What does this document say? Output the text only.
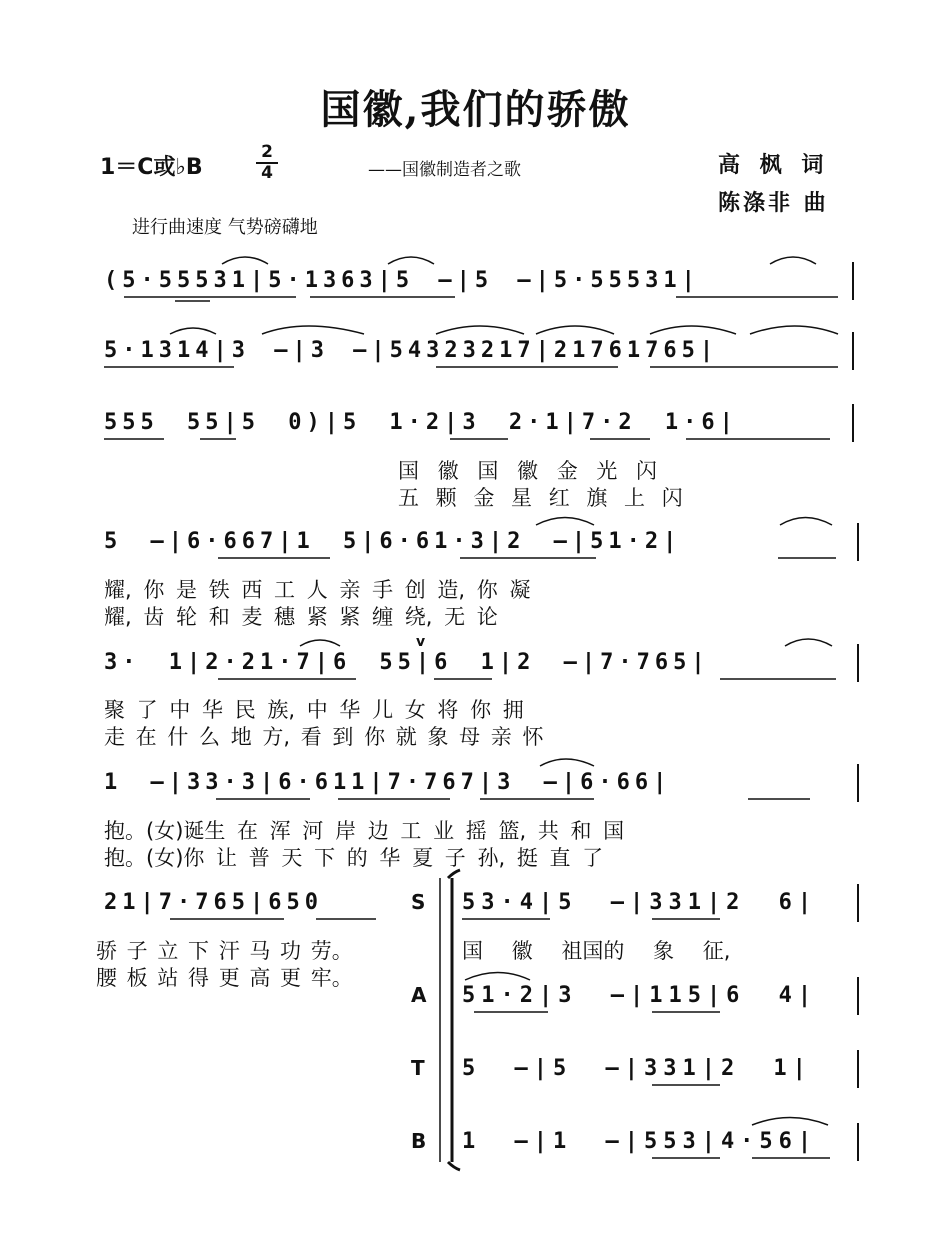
国徽,我们的骄傲
1＝C或♭B
2
4	——国徽制造者之歌	高 枫 词
陈涤非 曲
进行曲速度 气势磅礴地
(5·55531|5·1363|5 –|5 –|5·55531|
5·1314|3 –|3 –|54323217|21761765|
555 55|5 0)|5 1·2|3 2·1|7·2 1·6|
国 徽 国 徽 金 光 闪
五 颗 金 星 红 旗 上 闪
5 –|6·667|1 5|6·61·3|2 –|51·2|
耀, 你 是 铁 西 工 人 亲 手 创 造, 你 凝
耀, 齿 轮 和 麦 穗 紧 紧 缠 绕, 无 论
3· 1|2·21·7|6 55|6 1|2 –|7·765|
聚 了 中 华 民 族, 中 华 儿 女 将 你 拥
走 在 什 么 地 方, 看 到 你 就 象 母 亲 怀
1 –|33·3|6·611|7·767|3 –|6·66|
抱。(女)诞生 在 浑 河 岸 边 工 业 摇 篮, 共 和 国
抱。(女)你 让 普 天 下 的 华 夏 子 孙, 挺 直 了
21|7·765|650
骄 子 立 下 汗 马 功 劳。
腰 板 站 得 更 高 更 牢。
S 53·4|5 –|331|2 6|
国 徽 祖国的 象 征,
A 51·2|3 –|115|6 4|
T 5 –|5 –|331|2 1|
B 1 –|1 –|553|4·56|
v
